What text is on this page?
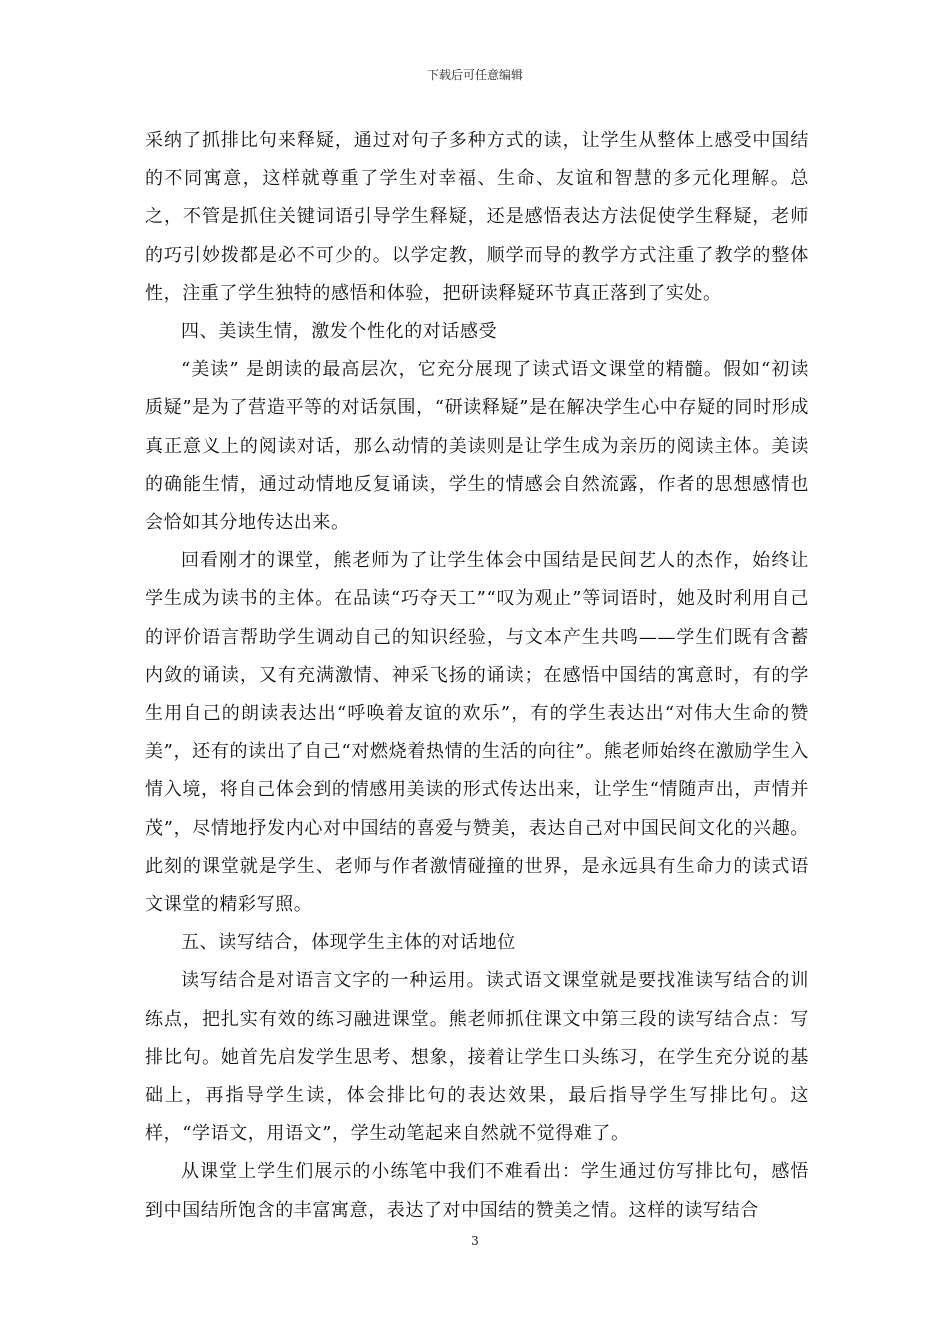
下载后可任意编辑

采纳了抓排比句来释疑，通过对句子多种方式的读，让学生从整体上感受中国结的不同寓意，这样就尊重了学生对幸福、生命、友谊和智慧的多元化理解。总之，不管是抓住关键词语引导学生释疑，还是感悟表达方法促使学生释疑，老师的巧引妙拨都是必不可少的。以学定教，顺学而导的教学方式注重了教学的整体性，注重了学生独特的感悟和体验，把研读释疑环节真正落到了实处。

四、美读生情，激发个性化的对话感受

“美读” 是朗读的最高层次，它充分展现了读式语文课堂的精髓。假如“初读质疑”是为了营造平等的对话氛围，“研读释疑”是在解决学生心中存疑的同时形成真正意义上的阅读对话，那么动情的美读则是让学生成为亲历的阅读主体。美读的确能生情，通过动情地反复诵读，学生的情感会自然流露，作者的思想感情也会恰如其分地传达出来。

回看刚才的课堂，熊老师为了让学生体会中国结是民间艺人的杰作，始终让学生成为读书的主体。在品读“巧夺天工”“叹为观止”等词语时，她及时利用自己的评价语言帮助学生调动自己的知识经验，与文本产生共鸣——学生们既有含蓄内敛的诵读，又有充满激情、神采飞扬的诵读；在感悟中国结的寓意时，有的学生用自己的朗读表达出“呼唤着友谊的欢乐”，有的学生表达出“对伟大生命的赞美”，还有的读出了自己“对燃烧着热情的生活的向往”。熊老师始终在激励学生入情入境，将自己体会到的情感用美读的形式传达出来，让学生“情随声出，声情并茂”，尽情地抒发内心对中国结的喜爱与赞美，表达自己对中国民间文化的兴趣。此刻的课堂就是学生、老师与作者激情碰撞的世界，是永远具有生命力的读式语文课堂的精彩写照。

五、读写结合，体现学生主体的对话地位

读写结合是对语言文字的一种运用。读式语文课堂就是要找准读写结合的训练点，把扎实有效的练习融进课堂。熊老师抓住课文中第三段的读写结合点：写排比句。她首先启发学生思考、想象，接着让学生口头练习，在学生充分说的基础上，再指导学生读，体会排比句的表达效果，最后指导学生写排比句。这样，“学语文，用语文”，学生动笔起来自然就不觉得难了。

从课堂上学生们展示的小练笔中我们不难看出：学生通过仿写排比句，感悟到中国结所饱含的丰富寓意，表达了对中国结的赞美之情。这样的读写结合

3
